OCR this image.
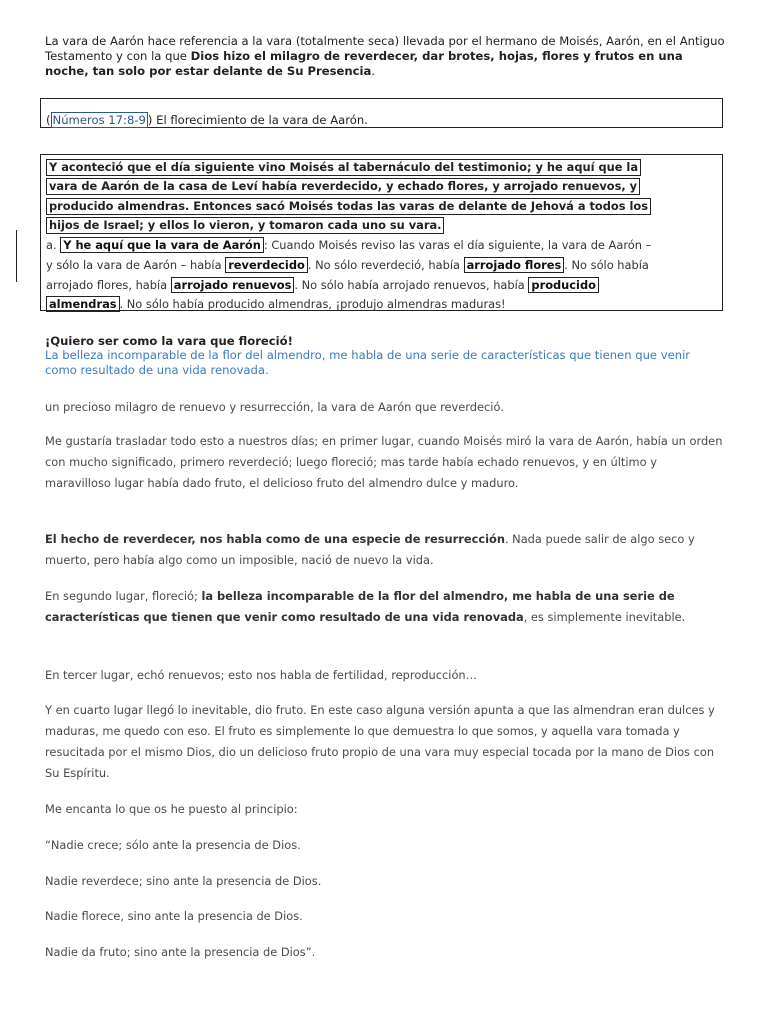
La vara de Aarón hace referencia a la vara (totalmente seca) llevada por el hermano de Moisés, Aarón, en el Antiguo Testamento y con la que Dios hizo el milagro de reverdecer, dar brotes, hojas, flores y frutos en una noche, tan solo por estar delante de Su Presencia.
( Números 17:8-9 ) El florecimiento de la vara de Aarón.
Y aconteció que el día siguiente vino Moisés al tabernáculo del testimonio; y he aquí que la
vara de Aarón de la casa de Leví había reverdecido, y echado flores, y arrojado renuevos, y
producido almendras. Entonces sacó Moisés todas las varas de delante de Jehová a todos los
hijos de Israel; y ellos lo vieron, y tomaron cada uno su vara.
a. Y he aquí que la vara de Aarón : Cuando Moisés reviso las varas el día siguiente, la vara de Aarón –
y sólo la vara de Aarón – había reverdecido . No sólo reverdeció, había arrojado flores . No sólo había
arrojado flores, había arrojado renuevos . No sólo había arrojado renuevos, había producido
almendras . No sólo había producido almendras, ¡produjo almendras maduras!
¡Quiero ser como la vara que floreció!
La belleza incomparable de la flor del almendro, me habla de una serie de características que tienen que venir como resultado de una vida renovada.
un precioso milagro de renuevo y resurrección, la vara de Aarón que reverdeció.
Me gustaría trasladar todo esto a nuestros días; en primer lugar, cuando Moisés miró la vara de Aarón, había un orden con mucho significado, primero reverdeció; luego floreció; mas tarde había echado renuevos, y en último y maravilloso lugar había dado fruto, el delicioso fruto del almendro dulce y maduro.
El hecho de reverdecer, nos habla como de una especie de resurrección. Nada puede salir de algo seco y muerto, pero había algo como un imposible, nació de nuevo la vida.
En segundo lugar, floreció; la belleza incomparable de la flor del almendro, me habla de una serie de características que tienen que venir como resultado de una vida renovada, es simplemente inevitable.
En tercer lugar, echó renuevos; esto nos habla de fertilidad, reproducción…
Y en cuarto lugar llegó lo inevitable, dio fruto. En este caso alguna versión apunta a que las almendran eran dulces y maduras, me quedo con eso. El fruto es simplemente lo que demuestra lo que somos, y aquella vara tomada y resucitada por el mismo Dios, dio un delicioso fruto propio de una vara muy especial tocada por la mano de Dios con Su Espíritu.
Me encanta lo que os he puesto al principio:
“Nadie crece; sólo ante la presencia de Dios.
Nadie reverdece; sino ante la presencia de Dios.
Nadie florece, sino ante la presencia de Dios.
Nadie da fruto; sino ante la presencia de Dios”.
